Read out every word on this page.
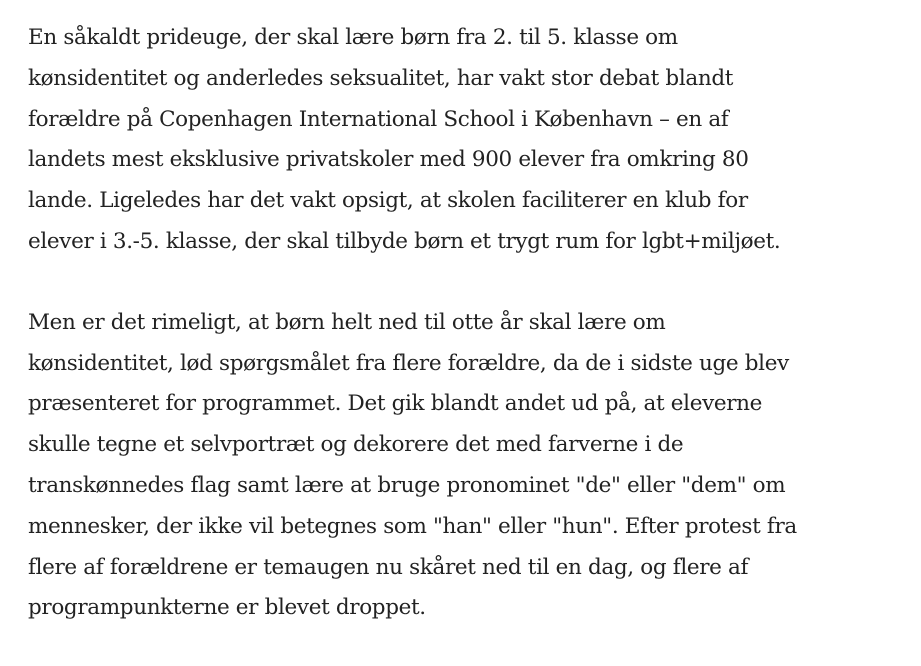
En såkaldt prideuge, der skal lære børn fra 2. til 5. klasse om
kønsidentitet og anderledes seksualitet, har vakt stor debat blandt
forældre på Copenhagen International School i København – en af
landets mest eksklusive privatskoler med 900 elever fra omkring 80
lande. Ligeledes har det vakt opsigt, at skolen faciliterer en klub for
elever i 3.-5. klasse, der skal tilbyde børn et trygt rum for lgbt+miljøet.

Men er det rimeligt, at børn helt ned til otte år skal lære om
kønsidentitet, lød spørgsmålet fra flere forældre, da de i sidste uge blev
præsenteret for programmet. Det gik blandt andet ud på, at eleverne
skulle tegne et selvportræt og dekorere det med farverne i de
transkønnedes flag samt lære at bruge pronominet "de" eller "dem" om
mennesker, der ikke vil betegnes som "han" eller "hun". Efter protest fra
flere af forældrene er temaugen nu skåret ned til en dag, og flere af
programpunkterne er blevet droppet.
